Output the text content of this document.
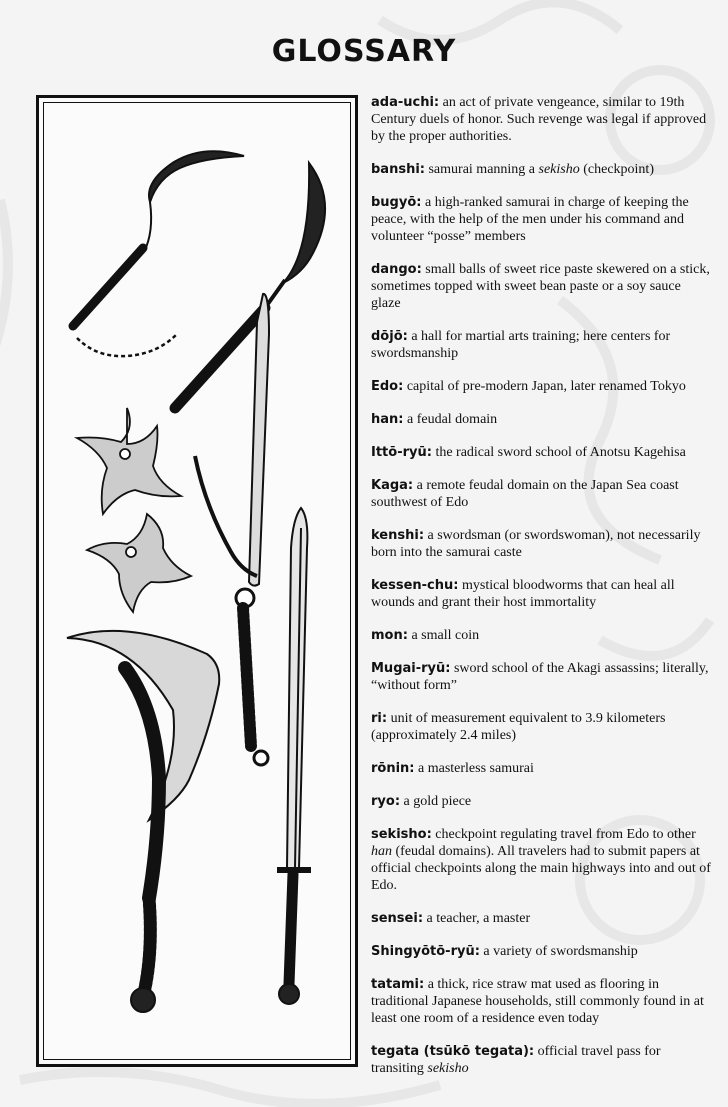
GLOSSARY

ada-uchi: an act of private vengeance, similar to 19th Century duels of honor. Such revenge was legal if approved by the proper authorities.

banshi: samurai manning a sekisho (checkpoint)

bugyō: a high-ranked samurai in charge of keeping the peace, with the help of the men under his command and volunteer “posse” members

dango: small balls of sweet rice paste skewered on a stick, sometimes topped with sweet bean paste or a soy sauce glaze

dōjō: a hall for martial arts training; here centers for swordsmanship

Edo: capital of pre-modern Japan, later renamed Tokyo

han: a feudal domain

Ittō-ryū: the radical sword school of Anotsu Kagehisa

Kaga: a remote feudal domain on the Japan Sea coast southwest of Edo

kenshi: a swordsman (or swordswoman), not necessarily born into the samurai caste

kessen-chu: mystical bloodworms that can heal all wounds and grant their host immortality

mon: a small coin

Mugai-ryū: sword school of the Akagi assassins; literally, “without form”

ri: unit of measurement equivalent to 3.9 kilometers (approximately 2.4 miles)

rōnin: a masterless samurai

ryo: a gold piece

sekisho: checkpoint regulating travel from Edo to other han (feudal domains). All travelers had to submit papers at official checkpoints along the main highways into and out of Edo.

sensei: a teacher, a master

Shingyōtō-ryū: a variety of swordsmanship

tatami: a thick, rice straw mat used as flooring in traditional Japanese households, still commonly found in at least one room of a residence even today

tegata (tsūkō tegata): official travel pass for transiting sekisho
